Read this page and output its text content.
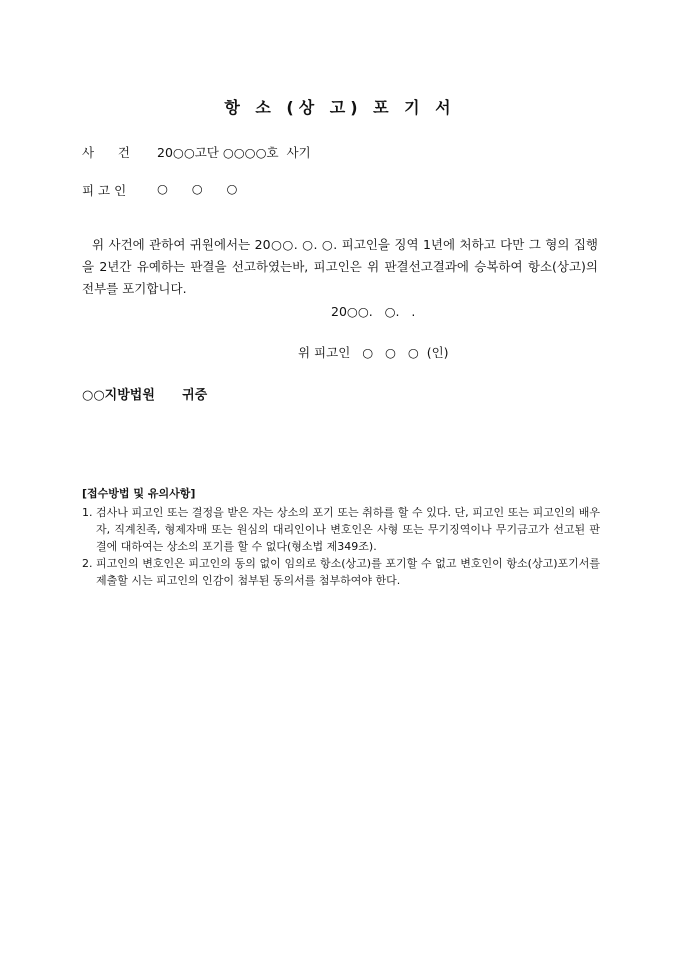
항 소 (상 고) 포 기 서
사      건 20○○고단 ○○○○호  사기
피 고 인 ○      ○      ○

위 사건에 관하여 귀원에서는 20○○. ○. ○. 피고인을 징역 1년에 처하고 다만 그 형의 집행을 2년간 유예하는 판결을 선고하였는바, 피고인은 위 판결선고결과에 승복하여 항소(상고)의 전부를 포기합니다.

20○○.   ○.   .
위 피고인   ○   ○   ○  (인)
○○지방법원      귀중
[접수방법 및 유의사항]
1. 검사나 피고인 또는 결정을 받은 자는 상소의 포기 또는 취하를 할 수 있다. 단, 피고인 또는 피고인의 배우자, 직계친족, 형제자매 또는 원심의 대리인이나 변호인은 사형 또는 무기징역이나 무기금고가 선고된 판결에 대하여는 상소의 포기를 할 수 없다(형소법 제349조).
2. 피고인의 변호인은 피고인의 동의 없이 임의로 항소(상고)를 포기할 수 없고 변호인이 항소(상고)포기서를 제출할 시는 피고인의 인감이 첨부된 동의서를 첨부하여야 한다.
